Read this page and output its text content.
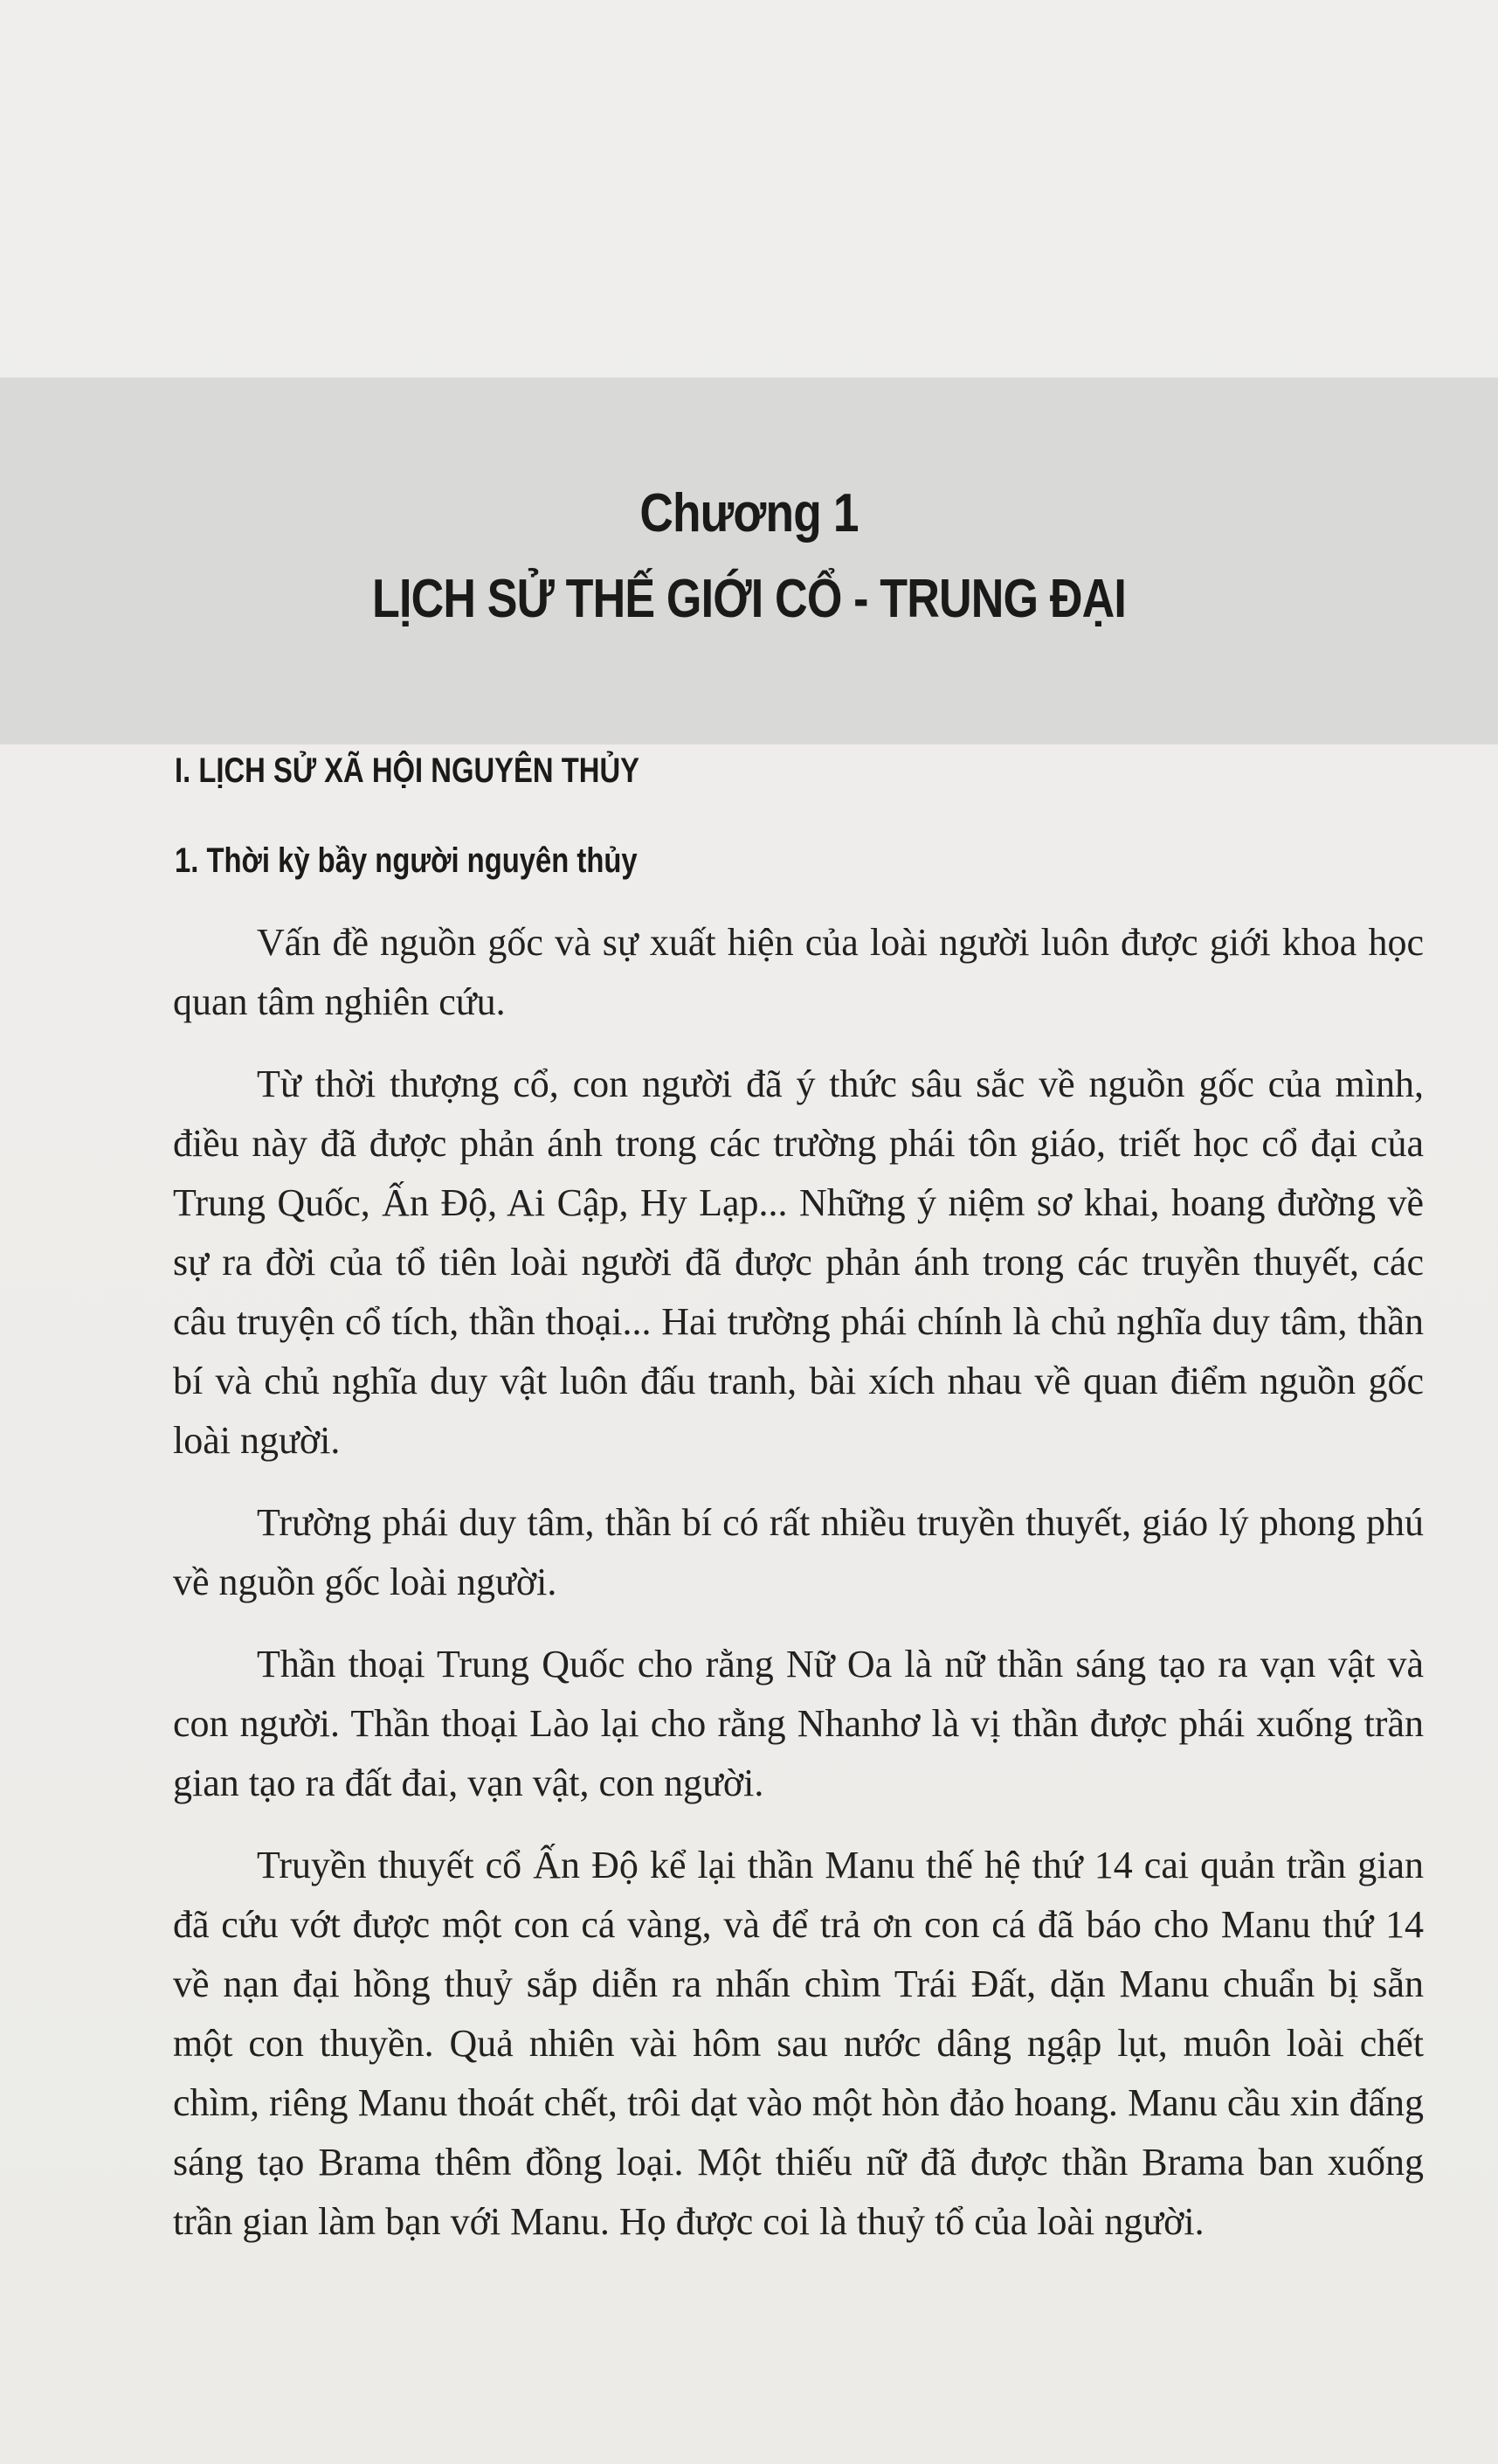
Chương 1
LỊCH SỬ THẾ GIỚI CỔ - TRUNG ĐẠI
I. LỊCH SỬ XÃ HỘI NGUYÊN THỦY
1. Thời kỳ bầy người nguyên thủy

Vấn đề nguồn gốc và sự xuất hiện của loài người luôn được giới khoa học quan tâm nghiên cứu.

Từ thời thượng cổ, con người đã ý thức sâu sắc về nguồn gốc của mình, điều này đã được phản ánh trong các trường phái tôn giáo, triết học cổ đại của Trung Quốc, Ấn Độ, Ai Cập, Hy Lạp... Những ý niệm sơ khai, hoang đường về sự ra đời của tổ tiên loài người đã được phản ánh trong các truyền thuyết, các câu truyện cổ tích, thần thoại... Hai trường phái chính là chủ nghĩa duy tâm, thần bí và chủ nghĩa duy vật luôn đấu tranh, bài xích nhau về quan điểm nguồn gốc loài người.

Trường phái duy tâm, thần bí có rất nhiều truyền thuyết, giáo lý phong phú về nguồn gốc loài người.

Thần thoại Trung Quốc cho rằng Nữ Oa là nữ thần sáng tạo ra vạn vật và con người. Thần thoại Lào lại cho rằng Nhanhơ là vị thần được phái xuống trần gian tạo ra đất đai, vạn vật, con người.

Truyền thuyết cổ Ấn Độ kể lại thần Manu thế hệ thứ 14 cai quản trần gian đã cứu vớt được một con cá vàng, và để trả ơn con cá đã báo cho Manu thứ 14 về nạn đại hồng thuỷ sắp diễn ra nhấn chìm Trái Đất, dặn Manu chuẩn bị sẵn một con thuyền. Quả nhiên vài hôm sau nước dâng ngập lụt, muôn loài chết chìm, riêng Manu thoát chết, trôi dạt vào một hòn đảo hoang. Manu cầu xin đấng sáng tạo Brama thêm đồng loại. Một thiếu nữ đã được thần Brama ban xuống trần gian làm bạn với Manu. Họ được coi là thuỷ tổ của loài người.
